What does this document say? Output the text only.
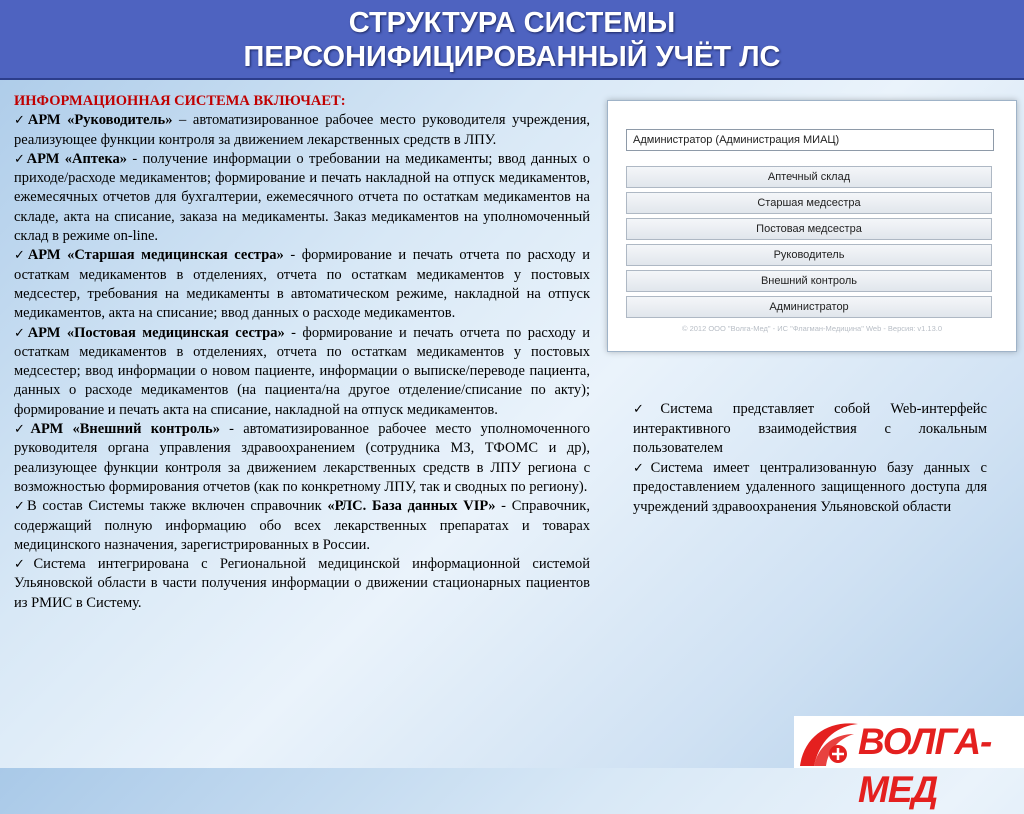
СТРУКТУРА СИСТЕМЫ
ПЕРСОНИФИЦИРОВАННЫЙ УЧЁТ ЛС

ИНФОРМАЦИОННАЯ СИСТЕМА ВКЛЮЧАЕТ:

✓АРМ «Руководитель» – автоматизированное рабочее место руководителя учреждения, реализующее функции контроля за движением лекарственных средств в ЛПУ.

✓АРМ «Аптека» - получение информации о требовании на медикаменты; ввод данных о приходе/расходе медикаментов; формирование и печать накладной на отпуск медикаментов, ежемесячных отчетов для бухгалтерии, ежемесячного отчета по остаткам медикаментов на складе, акта на списание, заказа на медикаменты. Заказ медикаментов на уполномоченный склад в режиме on-line.

✓АРМ «Старшая медицинская сестра» - формирование и печать отчета по расходу и остаткам медикаментов в отделениях, отчета по остаткам медикаментов у постовых медсестер, требования на медикаменты в автоматическом режиме, накладной на отпуск медикаментов, акта на списание; ввод данных о расходе медикаментов.

✓АРМ «Постовая медицинская сестра» - формирование и печать отчета по расходу и остаткам медикаментов в отделениях, отчета по остаткам медикаментов у постовых медсестер; ввод информации о новом пациенте, информации о выписке/переводе пациента, данных о расходе медикаментов (на пациента/на другое отделение/списание по акту); формирование и печать акта на списание, накладной на отпуск медикаментов.

✓АРМ «Внешний контроль» - автоматизированное рабочее место уполномоченного руководителя органа управления здравоохранением (сотрудника МЗ, ТФОМС и др), реализующее функции контроля за движением лекарственных средств в ЛПУ региона с возможностью формирования отчетов (как по конкретному ЛПУ, так и сводных по региону).

✓В состав Системы также включен справочник «РЛС. База данных VIP» - Справочник, содержащий полную информацию обо всех лекарственных препаратах и товарах медицинского назначения, зарегистрированных в России.

✓Система интегрирована с Региональной медицинской информационной системой Ульяновской области в части получения информации о движении стационарных пациентов из РМИС в Систему.

Администратор (Администрация МИАЦ)
Аптечный склад
Старшая медсестра
Постовая медсестра
Руководитель
Внешний контроль
Администратор
© 2012 ООО "Волга-Мед" - ИС "Флагман-Медицина" Web - Версия: v1.13.0

✓Система представляет собой Web-интерфейс интерактивного взаимодействия с локальным пользователем

✓Система имеет централизованную базу данных с предоставлением удаленного защищенного доступа для учреждений здравоохранения Ульяновской области

ВОЛГА-МЕД
